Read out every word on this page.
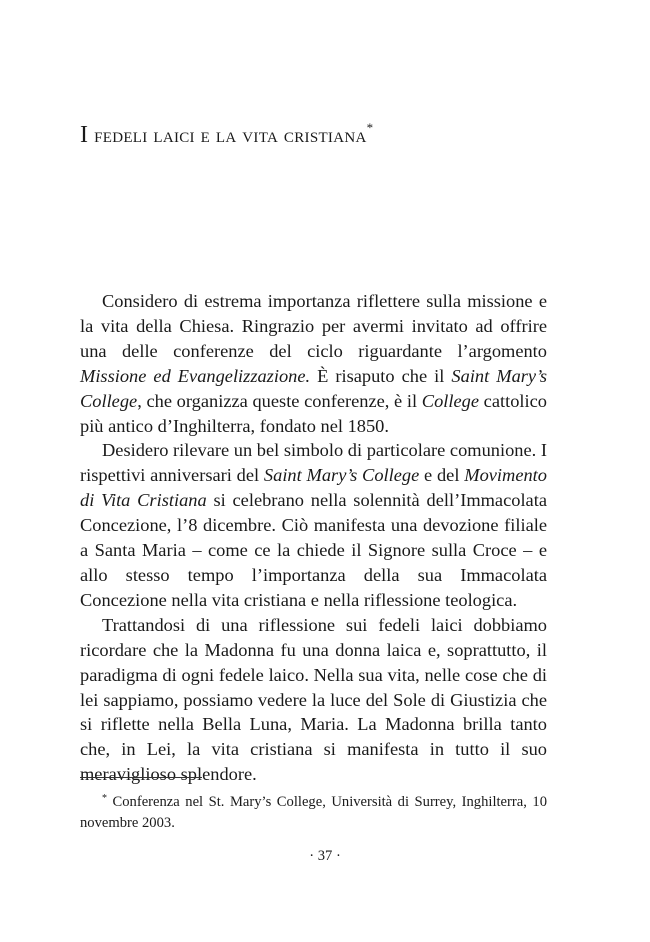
I fedeli laici e la vita cristiana*

Considero di estrema importanza riflettere sulla missione e la vita della Chiesa. Ringrazio per avermi invitato ad offrire una delle conferenze del ciclo riguardante l’argomento Missione ed Evangelizzazione. È risaputo che il Saint Mary’s College, che organizza queste conferenze, è il College cattolico più antico d’Inghilterra, fondato nel 1850.

Desidero rilevare un bel simbolo di particolare comunione. I rispettivi anniversari del Saint Mary’s College e del Movimento di Vita Cristiana si celebrano nella solennità dell’Immacolata Concezione, l’8 dicembre. Ciò manifesta una devozione filiale a Santa Maria – come ce la chiede il Signore sulla Croce – e allo stesso tempo l’importanza della sua Immacolata Concezione nella vita cristiana e nella riflessione teologica.

Trattandosi di una riflessione sui fedeli laici dobbiamo ricordare che la Madonna fu una donna laica e, soprattutto, il paradigma di ogni fedele laico. Nella sua vita, nelle cose che di lei sappiamo, possiamo vedere la luce del Sole di Giustizia che si riflette nella Bella Luna, Maria. La Madonna brilla tanto che, in Lei, la vita cristiana si manifesta in tutto il suo meraviglioso splendore.

* Conferenza nel St. Mary’s College, Università di Surrey, Inghilterra, 10 novembre 2003.

· 37 ·
